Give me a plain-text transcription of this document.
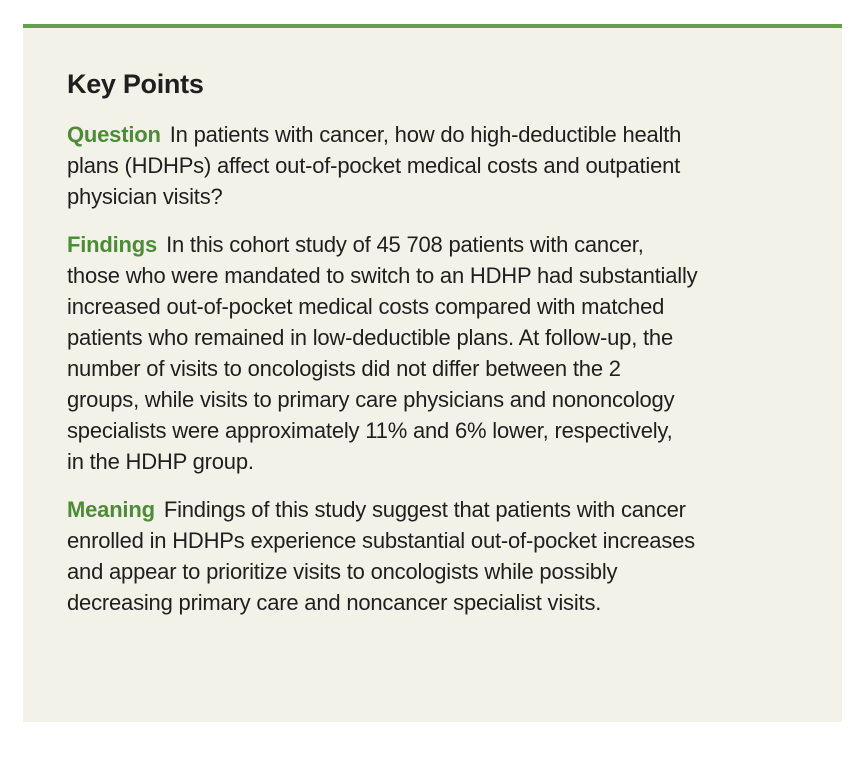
Key Points
Question In patients with cancer, how do high-deductible health
plans (HDHPs) affect out-of-pocket medical costs and outpatient
physician visits?
Findings In this cohort study of 45 708 patients with cancer,
those who were mandated to switch to an HDHP had substantially
increased out-of-pocket medical costs compared with matched
patients who remained in low-deductible plans. At follow-up, the
number of visits to oncologists did not differ between the 2
groups, while visits to primary care physicians and nononcology
specialists were approximately 11% and 6% lower, respectively,
in the HDHP group.
Meaning Findings of this study suggest that patients with cancer
enrolled in HDHPs experience substantial out-of-pocket increases
and appear to prioritize visits to oncologists while possibly
decreasing primary care and noncancer specialist visits.
